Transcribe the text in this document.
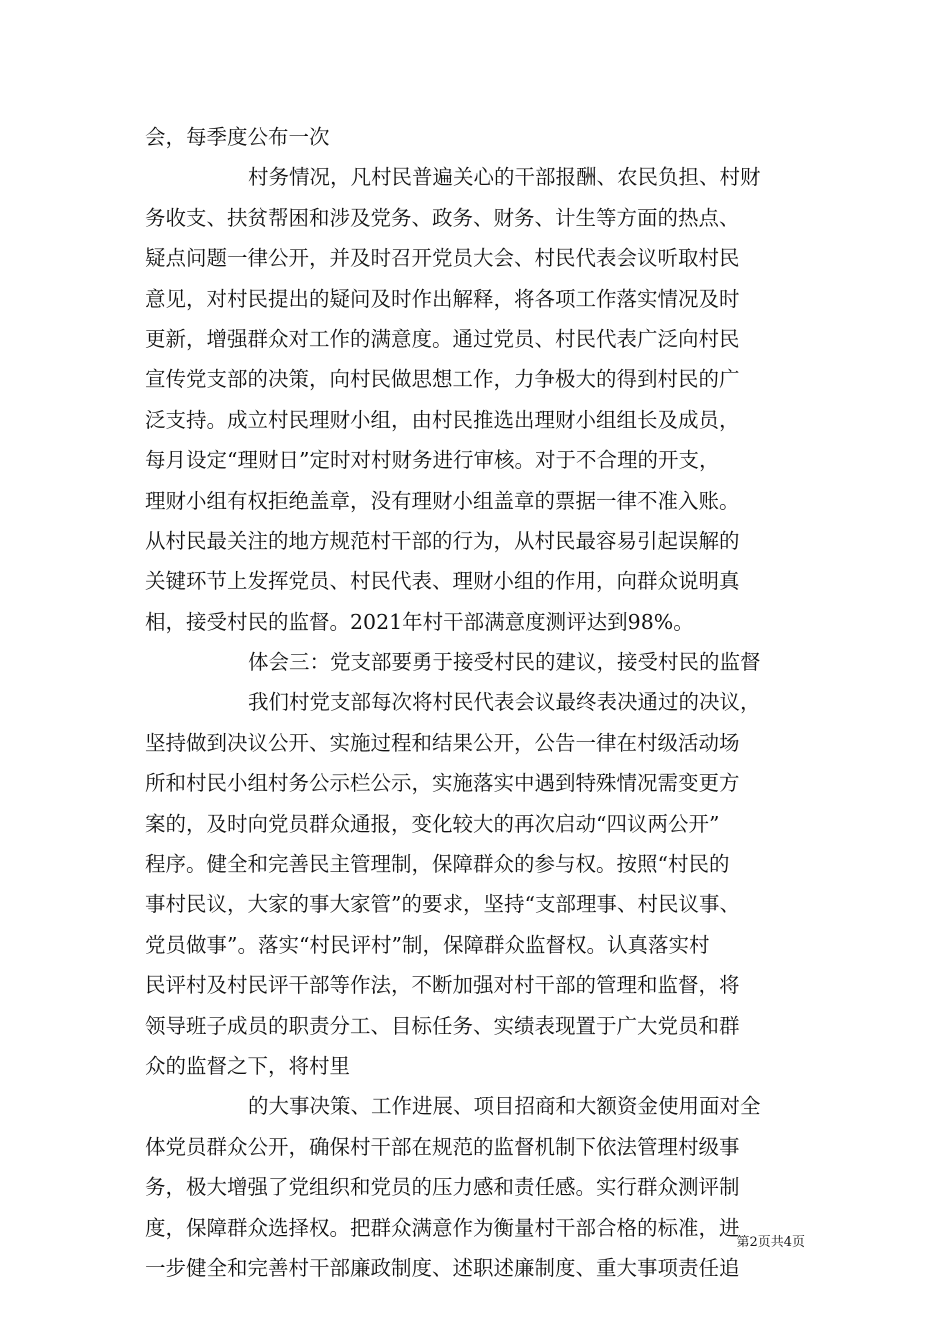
会，每季度公布一次
村务情况，凡村民普遍关心的干部报酬、农民负担、村财
务收支、扶贫帮困和涉及党务、政务、财务、计生等方面的热点、
疑点问题一律公开，并及时召开党员大会、村民代表会议听取村民
意见，对村民提出的疑问及时作出解释，将各项工作落实情况及时
更新，增强群众对工作的满意度。通过党员、村民代表广泛向村民
宣传党支部的决策，向村民做思想工作，力争极大的得到村民的广
泛支持。成立村民理财小组，由村民推选出理财小组组长及成员，
每月设定“理财日”定时对村财务进行审核。对于不合理的开支，
理财小组有权拒绝盖章，没有理财小组盖章的票据一律不准入账。
从村民最关注的地方规范村干部的行为，从村民最容易引起误解的
关键环节上发挥党员、村民代表、理财小组的作用，向群众说明真
相，接受村民的监督。2021年村干部满意度测评达到98%。
体会三：党支部要勇于接受村民的建议，接受村民的监督
我们村党支部每次将村民代表会议最终表决通过的决议，
坚持做到决议公开、实施过程和结果公开，公告一律在村级活动场
所和村民小组村务公示栏公示，实施落实中遇到特殊情况需变更方
案的，及时向党员群众通报，变化较大的再次启动“四议两公开”
程序。健全和完善民主管理制，保障群众的参与权。按照“村民的
事村民议，大家的事大家管”的要求，坚持“支部理事、村民议事、
党员做事”。落实“村民评村”制，保障群众监督权。认真落实村
民评村及村民评干部等作法，不断加强对村干部的管理和监督，将
领导班子成员的职责分工、目标任务、实绩表现置于广大党员和群
众的监督之下，将村里
的大事决策、工作进展、项目招商和大额资金使用面对全
体党员群众公开，确保村干部在规范的监督机制下依法管理村级事
务，极大增强了党组织和党员的压力感和责任感。实行群众测评制
度，保障群众选择权。把群众满意作为衡量村干部合格的标准，进
一步健全和完善村干部廉政制度、述职述廉制度、重大事项责任追
第2页共4页
